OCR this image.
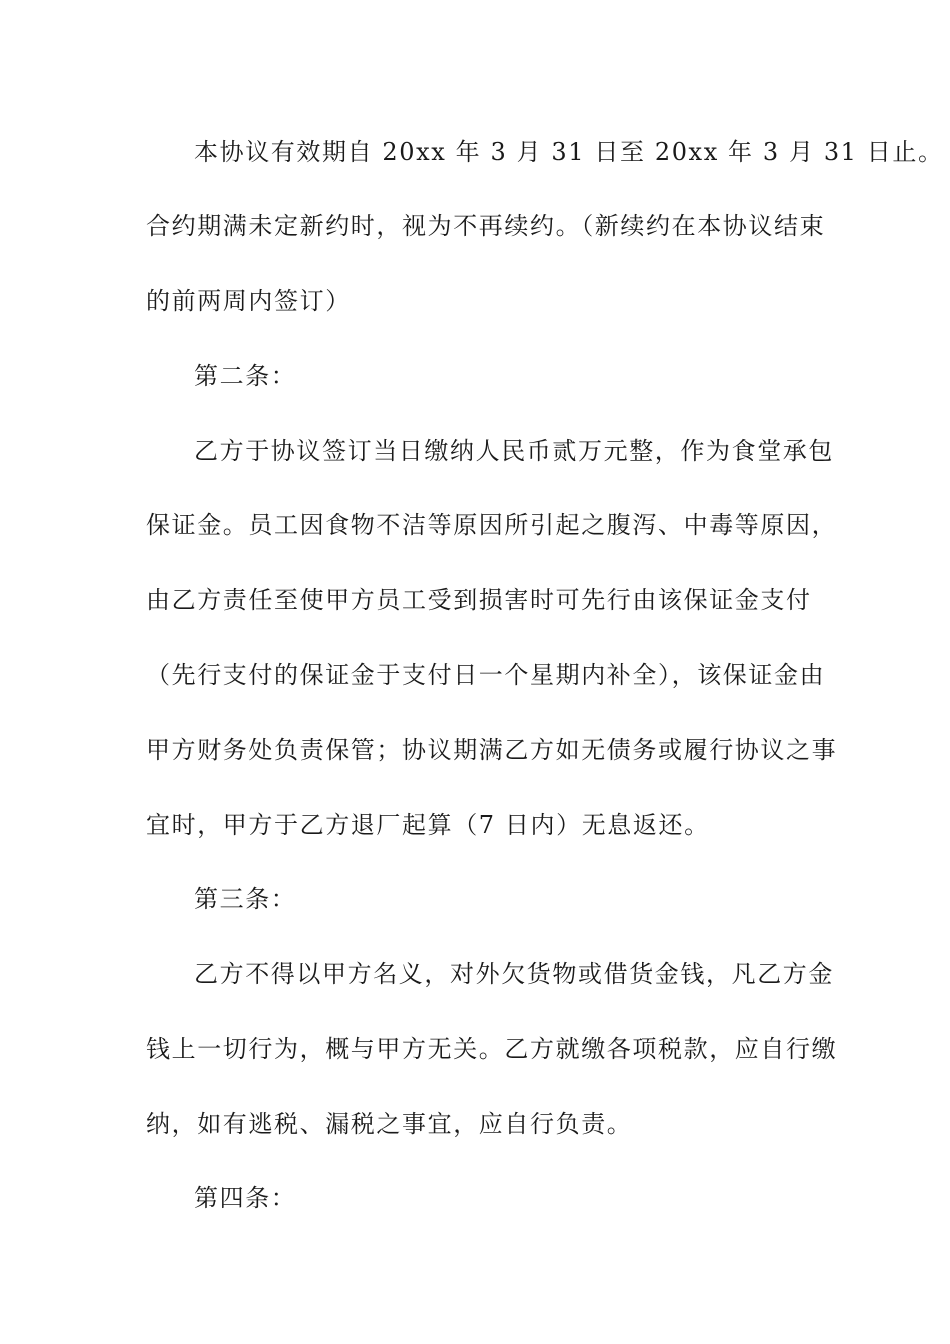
本协议有效期自 20xx 年 3 月 31 日至 20xx 年 3 月 31 日止。
合约期满未定新约时，视为不再续约。（新续约在本协议结束
的前两周内签订）
第二条：
乙方于协议签订当日缴纳人民币贰万元整，作为食堂承包
保证金。员工因食物不洁等原因所引起之腹泻、中毒等原因，
由乙方责任至使甲方员工受到损害时可先行由该保证金支付
（先行支付的保证金于支付日一个星期内补全），该保证金由
甲方财务处负责保管；协议期满乙方如无债务或履行协议之事
宜时，甲方于乙方退厂起算（7 日内）无息返还。
第三条：
乙方不得以甲方名义，对外欠货物或借货金钱，凡乙方金
钱上一切行为，概与甲方无关。乙方就缴各项税款，应自行缴
纳，如有逃税、漏税之事宜，应自行负责。
第四条：
